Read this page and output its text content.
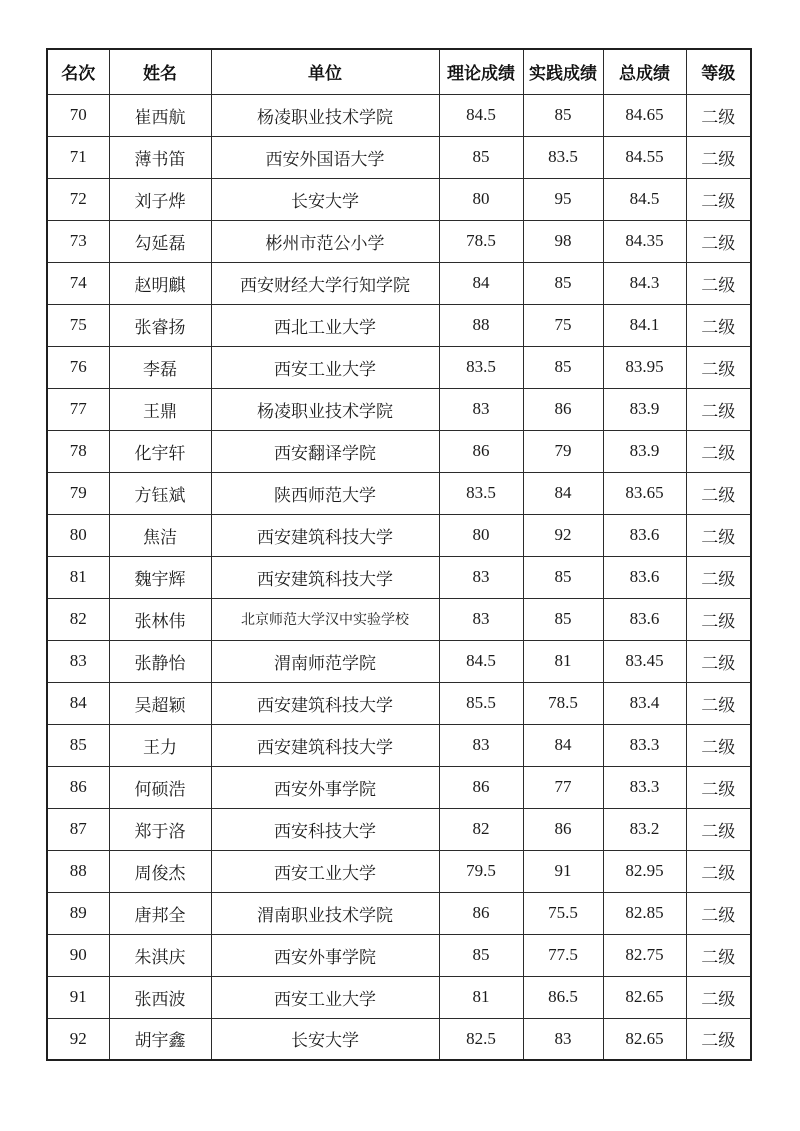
名次	姓名	单位	理论成绩	实践成绩	总成绩	等级
70	崔西航	杨凌职业技术学院	84.5	85	84.65	二级
71	薄书笛	西安外国语大学	85	83.5	84.55	二级
72	刘子烨	长安大学	80	95	84.5	二级
73	勾延磊	彬州市范公小学	78.5	98	84.35	二级
74	赵明麒	西安财经大学行知学院	84	85	84.3	二级
75	张睿扬	西北工业大学	88	75	84.1	二级
76	李磊	西安工业大学	83.5	85	83.95	二级
77	王鼎	杨凌职业技术学院	83	86	83.9	二级
78	化宇轩	西安翻译学院	86	79	83.9	二级
79	方钰斌	陕西师范大学	83.5	84	83.65	二级
80	焦洁	西安建筑科技大学	80	92	83.6	二级
81	魏宇辉	西安建筑科技大学	83	85	83.6	二级
82	张林伟	北京师范大学汉中实验学校	83	85	83.6	二级
83	张静怡	渭南师范学院	84.5	81	83.45	二级
84	吴超颖	西安建筑科技大学	85.5	78.5	83.4	二级
85	王力	西安建筑科技大学	83	84	83.3	二级
86	何硕浩	西安外事学院	86	77	83.3	二级
87	郑于洛	西安科技大学	82	86	83.2	二级
88	周俊杰	西安工业大学	79.5	91	82.95	二级
89	唐邦全	渭南职业技术学院	86	75.5	82.85	二级
90	朱淇庆	西安外事学院	85	77.5	82.75	二级
91	张西波	西安工业大学	81	86.5	82.65	二级
92	胡宇鑫	长安大学	82.5	83	82.65	二级
